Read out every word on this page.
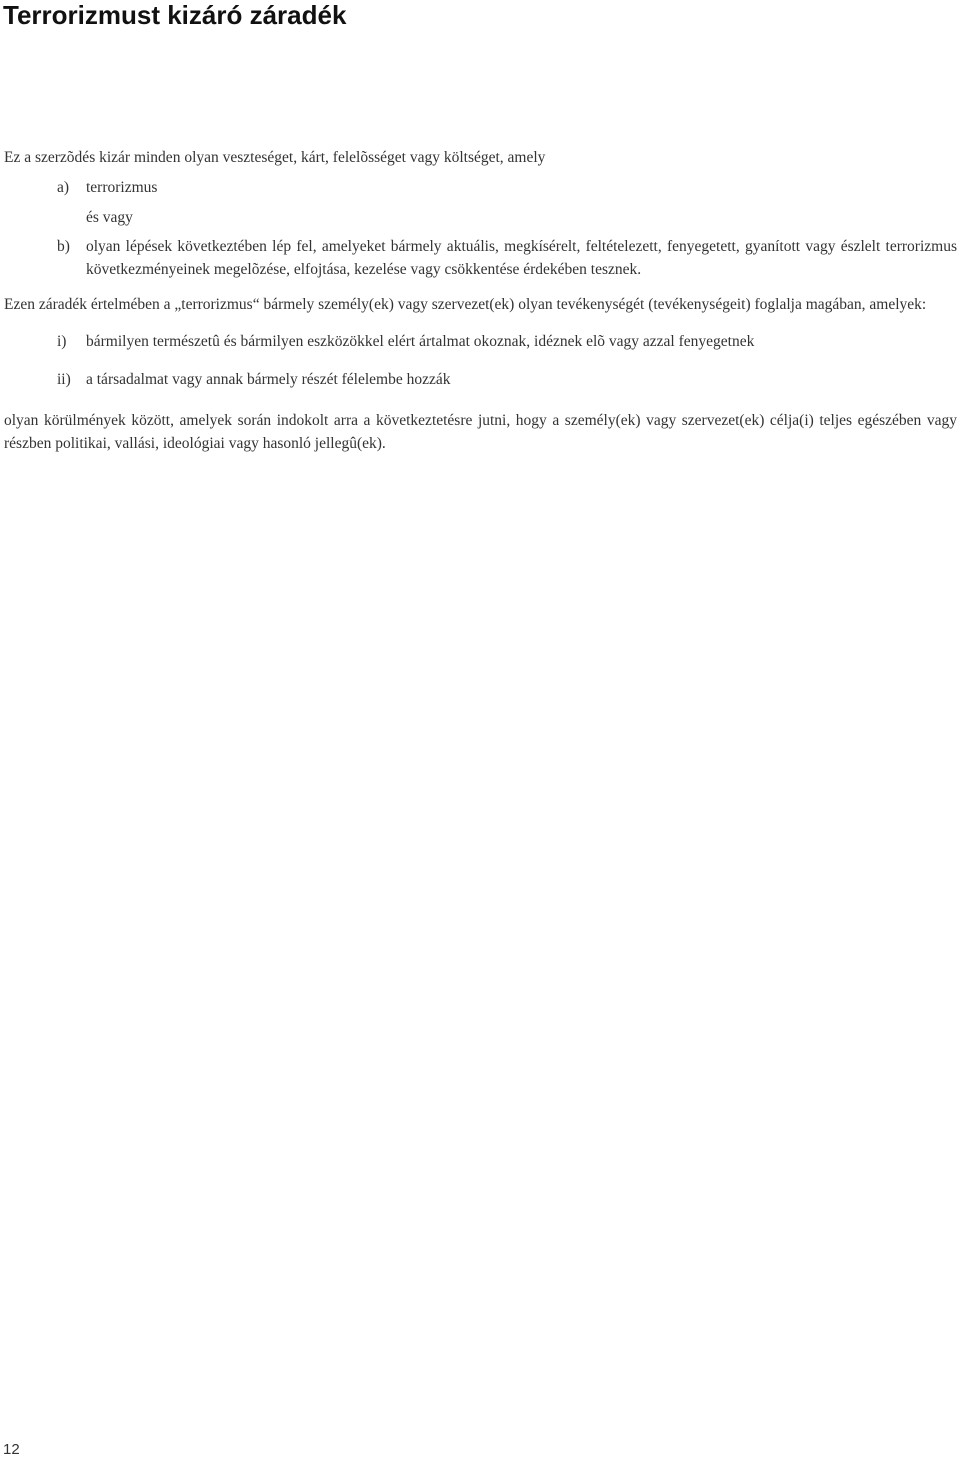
Terrorizmust kizáró záradék

Ez a szerzõdés kizár minden olyan veszteséget, kárt, felelõsséget vagy költséget, amely

a) terrorizmus
és vagy
b) olyan lépések következtében lép fel, amelyeket bármely aktuális, megkísérelt, feltételezett, fenyegetett, gyanított vagy észlelt terrorizmus következményeinek megelõzése, elfojtása, kezelése vagy csökkentése érdekében tesznek.

Ezen záradék értelmében a „terrorizmus“ bármely személy(ek) vagy szervezet(ek) olyan tevékenységét (tevékenységeit) foglalja magában, amelyek:

i) bármilyen természetû és bármilyen eszközökkel elért ártalmat okoznak, idéznek elõ vagy azzal fenyegetnek
ii) a társadalmat vagy annak bármely részét félelembe hozzák

olyan körülmények között, amelyek során indokolt arra a következtetésre jutni, hogy a személy(ek) vagy szervezet(ek) célja(i) teljes egészében vagy részben politikai, vallási, ideológiai vagy hasonló jellegû(ek).

12
